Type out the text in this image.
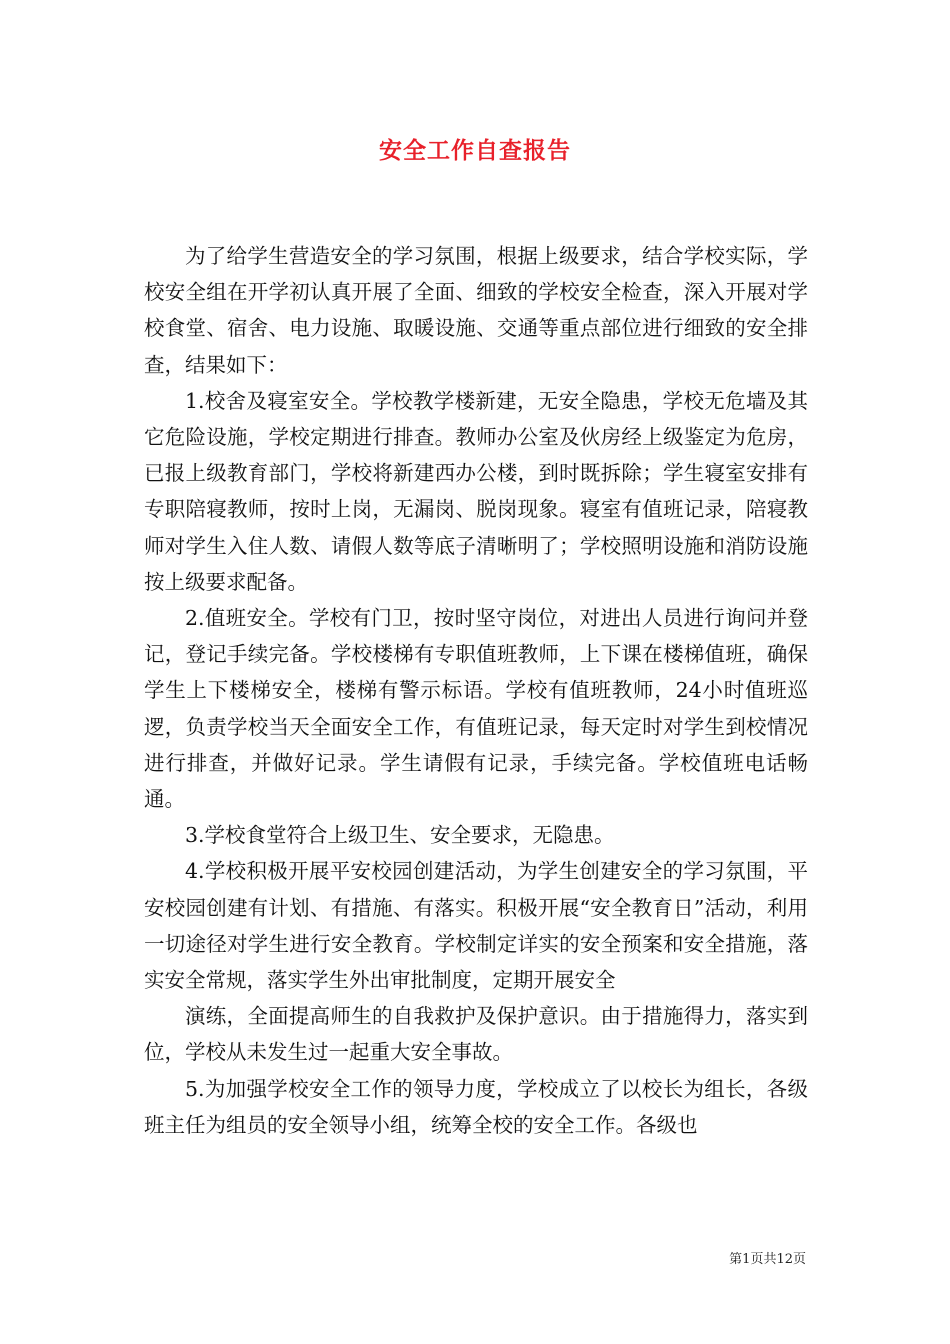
安全工作自查报告

为了给学生营造安全的学习氛围，根据上级要求，结合学校实际，学校安全组在开学初认真开展了全面、细致的学校安全检查，深入开展对学校食堂、宿舍、电力设施、取暖设施、交通等重点部位进行细致的安全排查，结果如下：

1.校舍及寝室安全。学校教学楼新建，无安全隐患，学校无危墙及其它危险设施，学校定期进行排查。教师办公室及伙房经上级鉴定为危房，已报上级教育部门，学校将新建西办公楼，到时既拆除；学生寝室安排有专职陪寝教师，按时上岗，无漏岗、脱岗现象。寝室有值班记录，陪寝教师对学生入住人数、请假人数等底子清晰明了；学校照明设施和消防设施按上级要求配备。

2.值班安全。学校有门卫，按时坚守岗位，对进出人员进行询问并登记，登记手续完备。学校楼梯有专职值班教师，上下课在楼梯值班，确保学生上下楼梯安全，楼梯有警示标语。学校有值班教师，24小时值班巡逻，负责学校当天全面安全工作，有值班记录，每天定时对学生到校情况进行排查，并做好记录。学生请假有记录，手续完备。学校值班电话畅通。

3.学校食堂符合上级卫生、安全要求，无隐患。

4.学校积极开展平安校园创建活动，为学生创建安全的学习氛围，平安校园创建有计划、有措施、有落实。积极开展“安全教育日”活动，利用一切途径对学生进行安全教育。学校制定详实的安全预案和安全措施，落实安全常规，落实学生外出审批制度，定期开展安全

演练，全面提高师生的自我救护及保护意识。由于措施得力，落实到位，学校从未发生过一起重大安全事故。

5.为加强学校安全工作的领导力度，学校成立了以校长为组长，各级班主任为组员的安全领导小组，统筹全校的安全工作。各级也

第1页共12页
